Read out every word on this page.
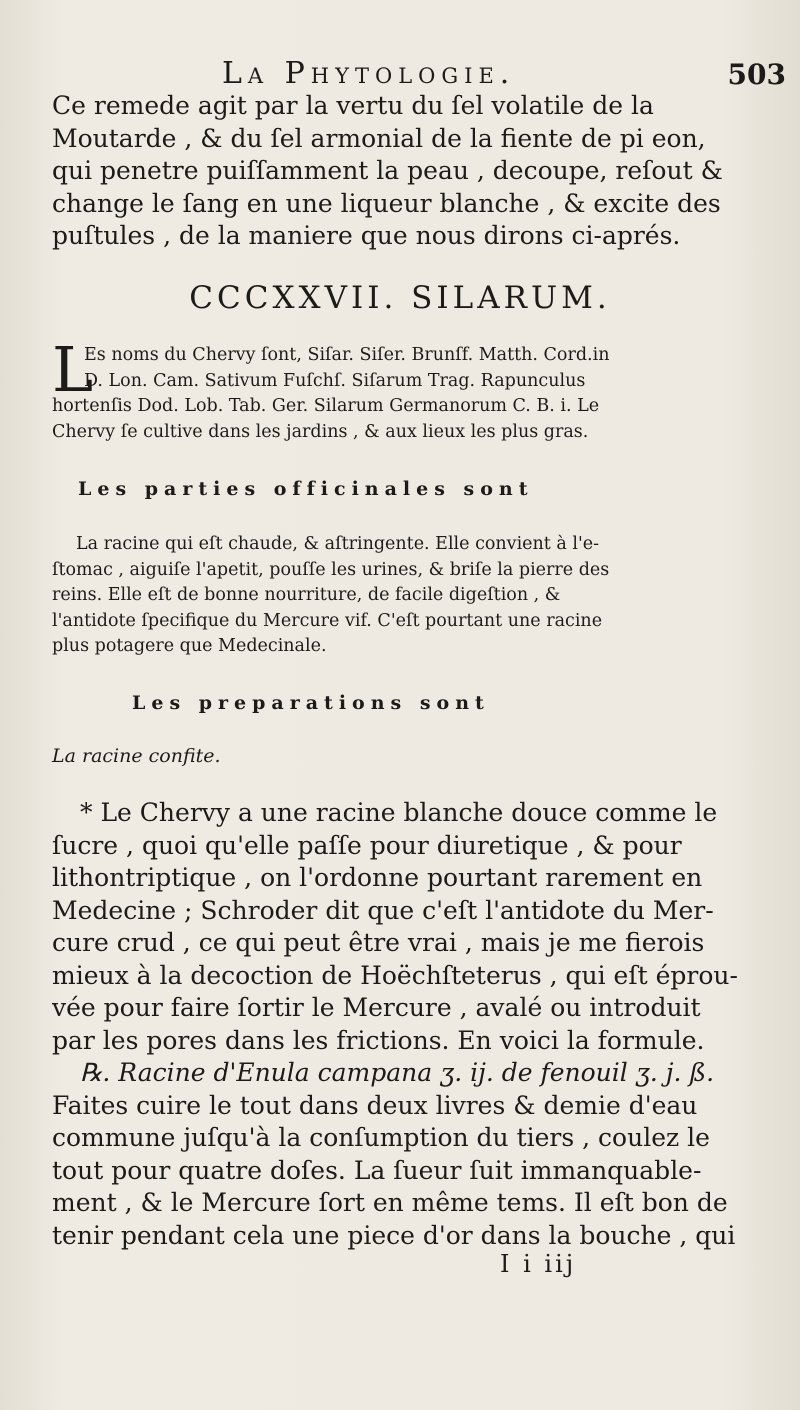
La Phytologie.	503
Ce remede agit par la vertu du ſel volatile de la
Moutarde , & du ſel armonial de la fiente de pi eon,
qui penetre puiſſamment la peau , decoupe, reſout &
change le ſang en une liqueur blanche , & excite des
puſtules , de la maniere que nous dirons ci-aprés.
CCCXXVII. SILARUM.
L
Es noms du Chervy ſont, Siſar. Siſer. Brunſf. Matth. Cord.in
D. Lon. Cam. Sativum Fuſchſ. Siſarum Trag. Rapunculus
hortenſis Dod. Lob. Tab. Ger. Silarum Germanorum C. B. i. Le
Chervy ſe cultive dans les jardins , & aux lieux les plus gras.
Les parties officinales sont
La racine qui eſt chaude, & aſtringente. Elle convient à l'e-
ſtomac , aiguiſe l'apetit, pouſſe les urines, & briſe la pierre des
reins. Elle eſt de bonne nourriture, de facile digeſtion , &
l'antidote ſpecifique du Mercure vif. C'eſt pourtant une racine
plus potagere que Medecinale.
Les preparations sont
La racine confite.
* Le Chervy a une racine blanche douce comme le
ſucre , quoi qu'elle paſſe pour diuretique , & pour
lithontriptique , on l'ordonne pourtant rarement en
Medecine ; Schroder dit que c'eſt l'antidote du Mer-
cure crud , ce qui peut être vrai , mais je me fierois
mieux à la decoction de Hoëchſteterus , qui eſt éprou-
vée pour faire ſortir le Mercure , avalé ou introduit
par les pores dans les frictions. En voici la formule.
℞. Racine d'Enula campana ʒ. ij. de fenouil ʒ. j. ß.
Faites cuire le tout dans deux livres & demie d'eau
commune juſqu'à la conſumption du tiers , coulez le
tout pour quatre doſes. La ſueur ſuit immanquable-
ment , & le Mercure ſort en même tems. Il eſt bon de
tenir pendant cela une piece d'or dans la bouche , qui
I i iij
